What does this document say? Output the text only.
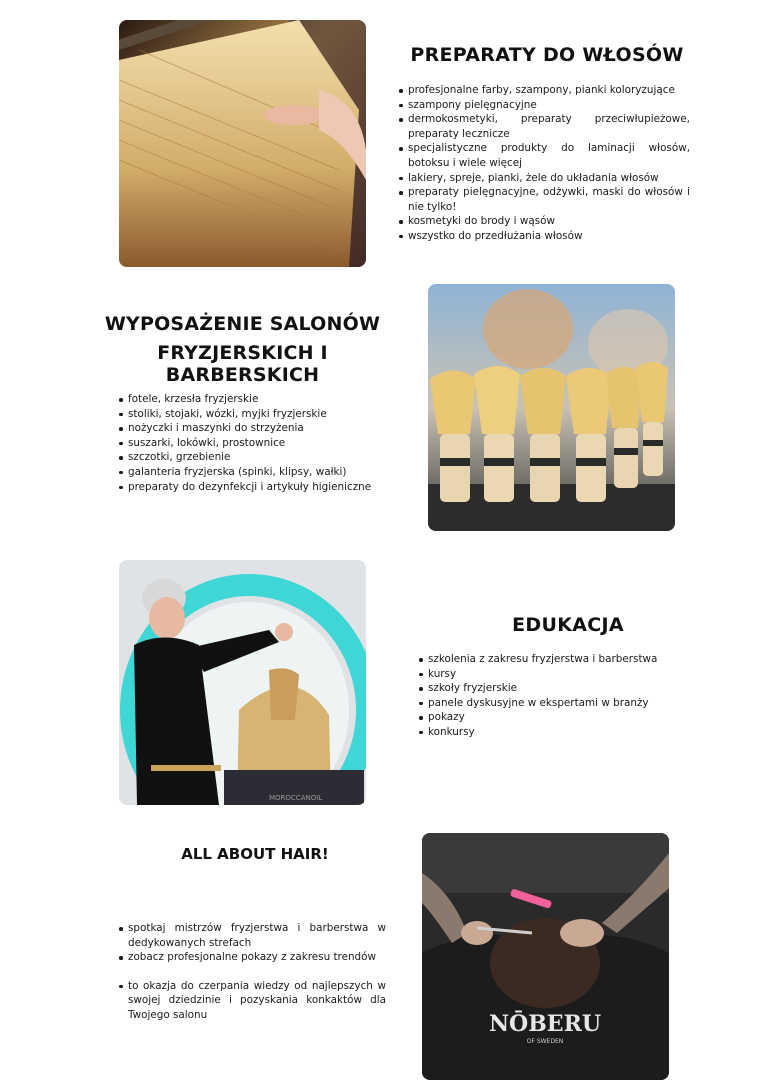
PREPARATY DO WŁOSÓW
profesjonalne farby, szampony, pianki koloryzujące
szampony pielęgnacyjne
dermokosmetyki, preparaty przeciwłupieżowe, preparaty lecznicze
specjalistyczne produkty do laminacji włosów, botoksu i wiele więcej
lakiery, spreje, pianki, żele do układania włosów
preparaty pielęgnacyjne, odżywki, maski do włosów i nie tylko!
kosmetyki do brody i wąsów
wszystko do przedłużania włosów
WYPOSAŻENIE SALONÓW
FRYZJERSKICH I BARBERSKICH
fotele, krzesła fryzjerskie
stoliki, stojaki, wózki, myjki fryzjerskie
nożyczki i maszynki do strzyżenia
suszarki, lokówki, prostownice
szczotki, grzebienie
galanteria fryzjerska (spinki, klipsy, wałki)
preparaty do dezynfekcji i artykuły higieniczne
MOROCCANOIL
EDUKACJA
szkolenia z zakresu fryzjerstwa i barberstwa
kursy
szkoły fryzjerskie
panele dyskusyjne w ekspertami w branży
pokazy
konkursy
ALL ABOUT HAIR!
spotkaj mistrzów fryzjerstwa i barberstwa w dedykowanych strefach
zobacz profesjonalne pokazy z zakresu trendów
to okazja do czerpania wiedzy od najlepszych w swojej dziedzinie i pozyskania konkaktów dla Twojego salonu	NŌBERU
OF SWEDEN
